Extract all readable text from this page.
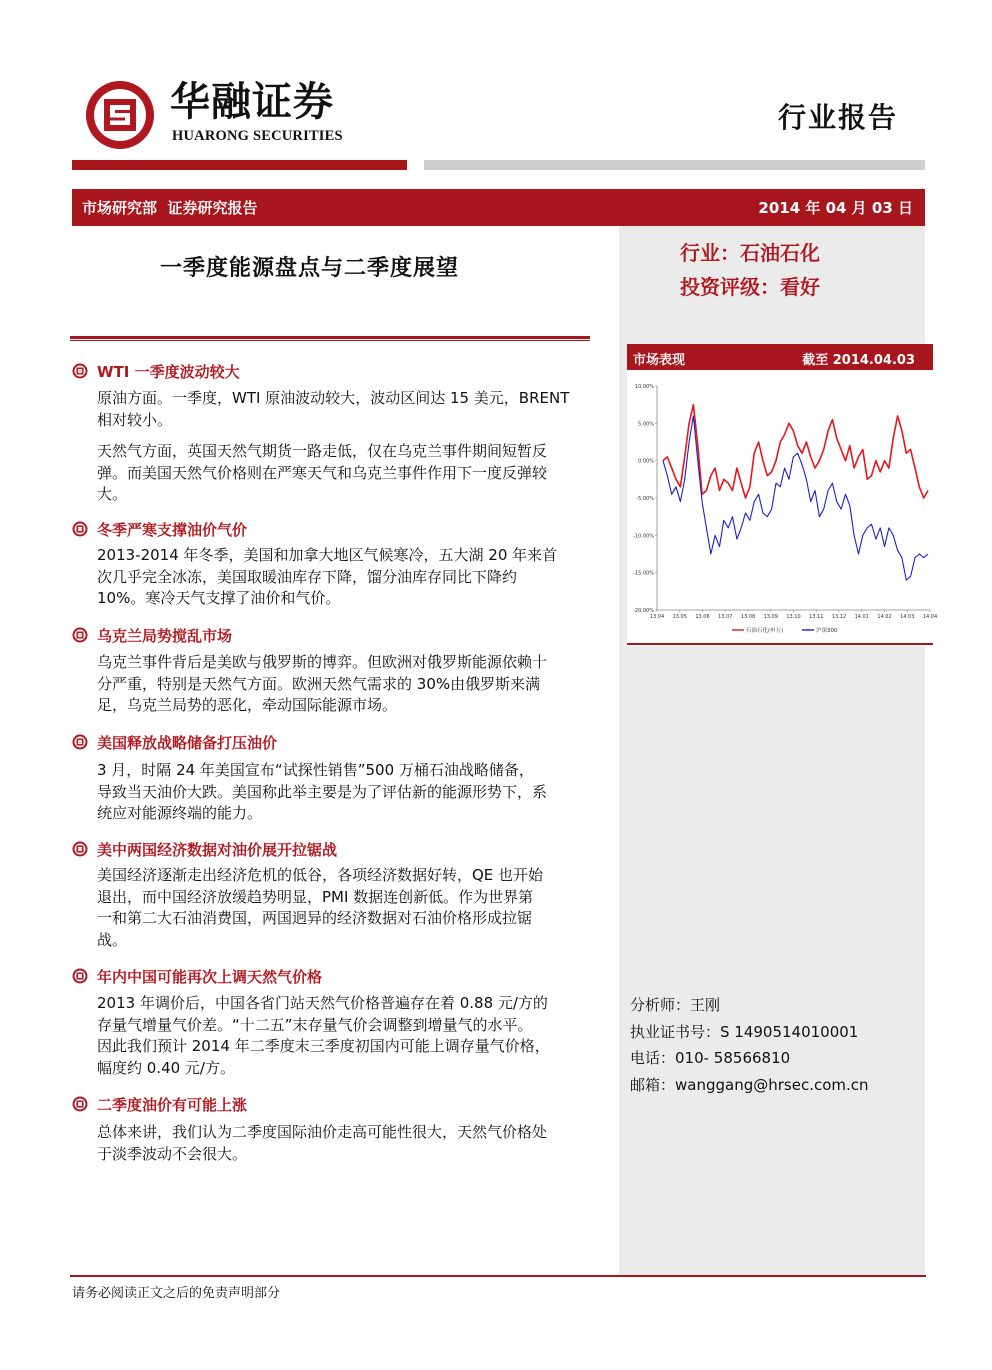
华融证券
HUARONG SECURITIES
行业报告
市场研究部  证券研究报告	2014 年 04 月 03 日
行业：石油石化
投资评级：看好
市场表现	截至 2014.04.03
10.00%
5.00%
0.00%
-5.00%
-10.00%
-15.00%
-20.00%
13.04 13.05 13.06 13.07 13.08 13.09 13.10 13.11 13.12 14.01 14.02 14.03 14.04
石油石化(申万)	沪深300
分析师：王刚
执业证书号：S 1490514010001
电话：010- 58566810
邮箱：wanggang@hrsec.com.cn
一季度能源盘点与二季度展望
WTI 一季度波动较大
原油方面。一季度，WTI 原油波动较大，波动区间达 15 美元，BRENT
相对较小。
天然气方面，英国天然气期货一路走低，仅在乌克兰事件期间短暂反
弹。而美国天然气价格则在严寒天气和乌克兰事件作用下一度反弹较
大。
冬季严寒支撑油价气价
2013-2014 年冬季，美国和加拿大地区气候寒冷，五大湖 20 年来首
次几乎完全冰冻，美国取暖油库存下降，馏分油库存同比下降约
10%。寒冷天气支撑了油价和气价。
乌克兰局势搅乱市场
乌克兰事件背后是美欧与俄罗斯的博弈。但欧洲对俄罗斯能源依赖十
分严重，特别是天然气方面。欧洲天然气需求的 30%由俄罗斯来满
足，乌克兰局势的恶化，牵动国际能源市场。
美国释放战略储备打压油价
3 月，时隔 24 年美国宣布“试探性销售”500 万桶石油战略储备，
导致当天油价大跌。美国称此举主要是为了评估新的能源形势下，系
统应对能源终端的能力。
美中两国经济数据对油价展开拉锯战
美国经济逐渐走出经济危机的低谷，各项经济数据好转，QE 也开始
退出，而中国经济放缓趋势明显，PMI 数据连创新低。作为世界第
一和第二大石油消费国，两国迥异的经济数据对石油价格形成拉锯
战。
年内中国可能再次上调天然气价格
2013 年调价后，中国各省门站天然气价格普遍存在着 0.88 元/方的
存量气增量气价差。“十二五”末存量气价会调整到增量气的水平。
因此我们预计 2014 年二季度末三季度初国内可能上调存量气价格，
幅度约 0.40 元/方。
二季度油价有可能上涨
总体来讲，我们认为二季度国际油价走高可能性很大，天然气价格处
于淡季波动不会很大。
请务必阅读正文之后的免责声明部分
